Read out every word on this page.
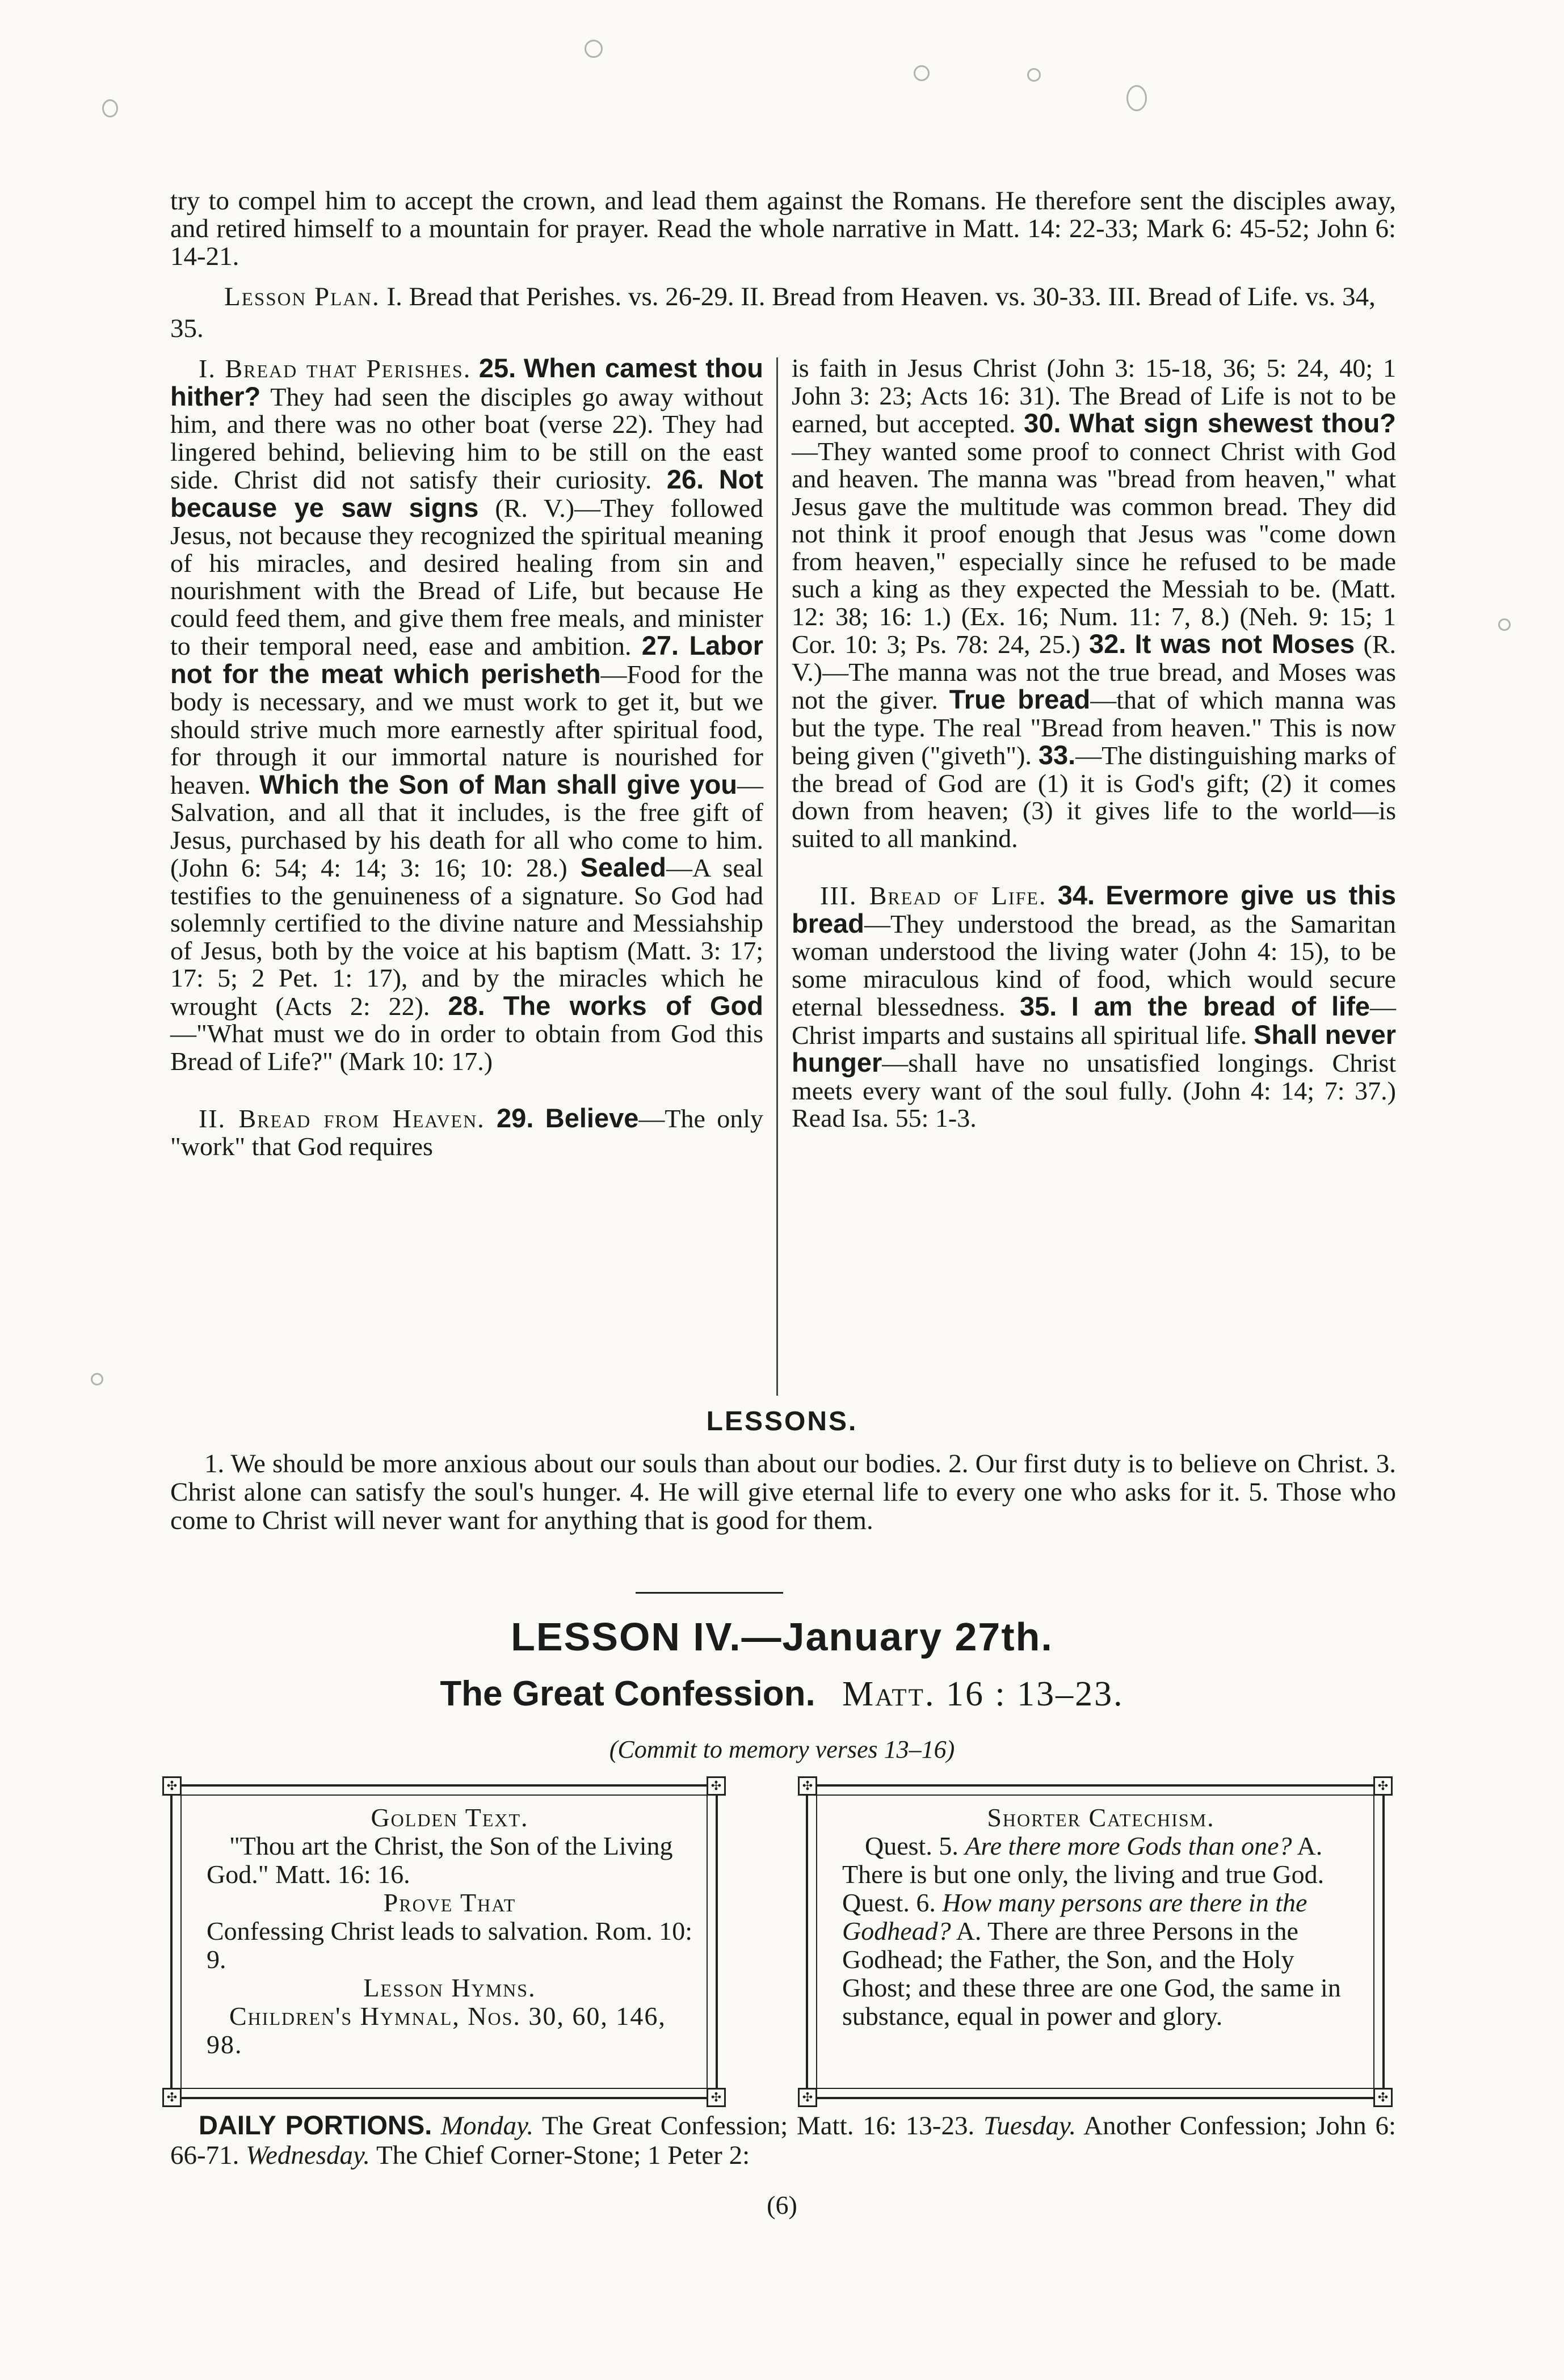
try to compel him to accept the crown, and lead them against the Romans. He therefore sent the disciples away, and retired himself to a mountain for prayer. Read the whole narrative in Matt. 14: 22-33; Mark 6: 45-52; John 6: 14-21.
Lesson Plan. I. Bread that Perishes. vs. 26-29. II. Bread from Heaven. vs. 30-33. III. Bread of Life. vs. 34, 35.

I. Bread that Perishes. 25. When camest thou hither? They had seen the disciples go away without him, and there was no other boat (verse 22). They had lingered behind, believing him to be still on the east side. Christ did not satisfy their curiosity. 26. Not because ye saw signs (R. V.)—They followed Jesus, not because they recognized the spiritual meaning of his miracles, and desired healing from sin and nourishment with the Bread of Life, but because He could feed them, and give them free meals, and minister to their temporal need, ease and ambition. 27. Labor not for the meat which perisheth—Food for the body is necessary, and we must work to get it, but we should strive much more earnestly after spiritual food, for through it our immortal nature is nourished for heaven. Which the Son of Man shall give you—Salvation, and all that it includes, is the free gift of Jesus, purchased by his death for all who come to him. (John 6: 54; 4: 14; 3: 16; 10: 28.) Sealed—A seal testifies to the genuineness of a signature. So God had solemnly certified to the divine nature and Messiahship of Jesus, both by the voice at his baptism (Matt. 3: 17; 17: 5; 2 Pet. 1: 17), and by the miracles which he wrought (Acts 2: 22). 28. The works of God—"What must we do in order to obtain from God this Bread of Life?" (Mark 10: 17.)

II. Bread from Heaven. 29. Believe—The only "work" that God requires

is faith in Jesus Christ (John 3: 15-18, 36; 5: 24, 40; 1 John 3: 23; Acts 16: 31). The Bread of Life is not to be earned, but accepted. 30. What sign shewest thou?—They wanted some proof to connect Christ with God and heaven. The manna was "bread from heaven," what Jesus gave the multitude was common bread. They did not think it proof enough that Jesus was "come down from heaven," especially since he refused to be made such a king as they expected the Messiah to be. (Matt. 12: 38; 16: 1.) (Ex. 16; Num. 11: 7, 8.) (Neh. 9: 15; 1 Cor. 10: 3; Ps. 78: 24, 25.) 32. It was not Moses (R. V.)—The manna was not the true bread, and Moses was not the giver. True bread—that of which manna was but the type. The real "Bread from heaven." This is now being given ("giveth"). 33.—The distinguishing marks of the bread of God are (1) it is God's gift; (2) it comes down from heaven; (3) it gives life to the world—is suited to all mankind.

III. Bread of Life. 34. Evermore give us this bread—They understood the bread, as the Samaritan woman understood the living water (John 4: 15), to be some miraculous kind of food, which would secure eternal blessedness. 35. I am the bread of life—Christ imparts and sustains all spiritual life. Shall never hunger—shall have no unsatisfied longings. Christ meets every want of the soul fully. (John 4: 14; 7: 37.) Read Isa. 55: 1-3.

LESSONS.
1. We should be more anxious about our souls than about our bodies. 2. Our first duty is to believe on Christ. 3. Christ alone can satisfy the soul's hunger. 4. He will give eternal life to every one who asks for it. 5. Those who come to Christ will never want for anything that is good for them.
LESSON IV.—January 27th.
The Great Confession. Matt. 16 : 13–23.
(Commit to memory verses 13–16)
✣	✣
✣	✣

Golden Text.

"Thou art the Christ, the Son of the Living God." Matt. 16: 16.

Prove That

Confessing Christ leads to salvation. Rom. 10: 9.

Lesson Hymns.

Children's Hymnal, Nos. 30, 60, 146, 98.

✣	✣
✣	✣

Shorter Catechism.

Quest. 5. Are there more Gods than one? A. There is but one only, the living and true God. Quest. 6. How many persons are there in the Godhead? A. There are three Persons in the Godhead; the Father, the Son, and the Holy Ghost; and these three are one God, the same in substance, equal in power and glory.

DAILY PORTIONS. Monday. The Great Confession; Matt. 16: 13-23. Tuesday. Another Confession; John 6: 66-71. Wednesday. The Chief Corner-Stone; 1 Peter 2:
(6)
